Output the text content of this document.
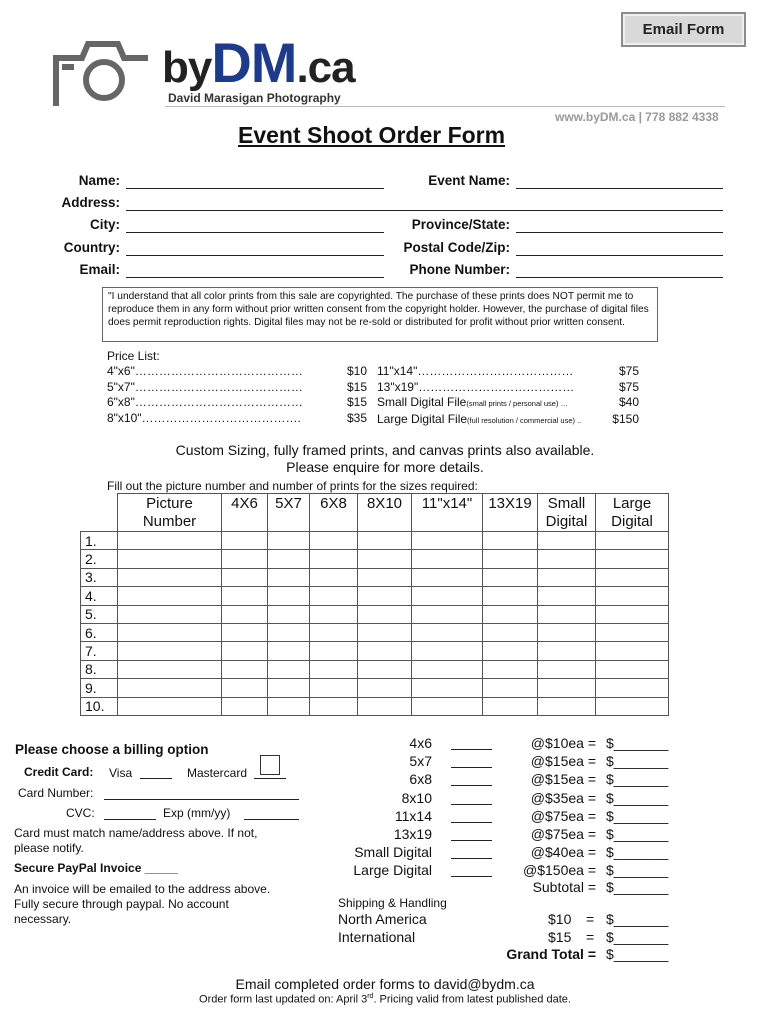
Email Form
byDM.ca
David Marasigan Photography
www.byDM.ca | 778 882 4338
Event Shoot Order Form
Name:	Event Name:
Address:
City:	Province/State:
Country:	Postal Code/Zip:
Email:	Phone Number:
"I understand that all color prints from this sale are copyrighted. The purchase of these prints does NOT permit me to reproduce them in any form without prior written consent from the copyright holder. However, the purchase of digital files does permit reproduction rights. Digital files may not be re-sold or distributed for profit without prior written consent.
Price List:
4"x6"……………………………………	$10
5"x7"……………………………………	$15
6"x8"……………………………………	$15
8"x10"………………………………….	$35
11"x14"…………………………………	$75
13"x19"…………………………………	$75
Small Digital File(small prints / personal use) …	$40
Large Digital File(full resolution / commercial use) ..	$150
Custom Sizing, fully framed prints, and canvas prints also available.
Please enquire for more details.
Fill out the picture number and number of prints for the sizes required:
	Picture Number	4X6	5X7	6X8	8X10	11"x14"	13X19	Small Digital	Large Digital
1.									
2.									
3.									
4.									
5.									
6.									
7.									
8.									
9.									
10.									
Please choose a billing option
Credit Card: Visa	Mastercard
Card Number:
CVC:	Exp (mm/yy)
Card must match name/address above. If not, please notify.
Secure PayPal Invoice _____
An invoice will be emailed to the address above. Fully secure through paypal. No account necessary.
4x6	@$10ea = $_______
5x7	@$15ea = $_______
6x8	@$15ea = $_______
8x10	@$35ea = $_______
11x14	@$75ea = $_______
13x19	@$75ea = $_______
Small Digital	@$40ea = $_______
Large Digital	@$150ea = $_______
Subtotal = $_______
Shipping & Handling
North America	$10 = $_______
International	$15 = $_______
Grand Total = $_______
Email completed order forms to david@bydm.ca
Order form last updated on: April 3rd. Pricing valid from latest published date.
